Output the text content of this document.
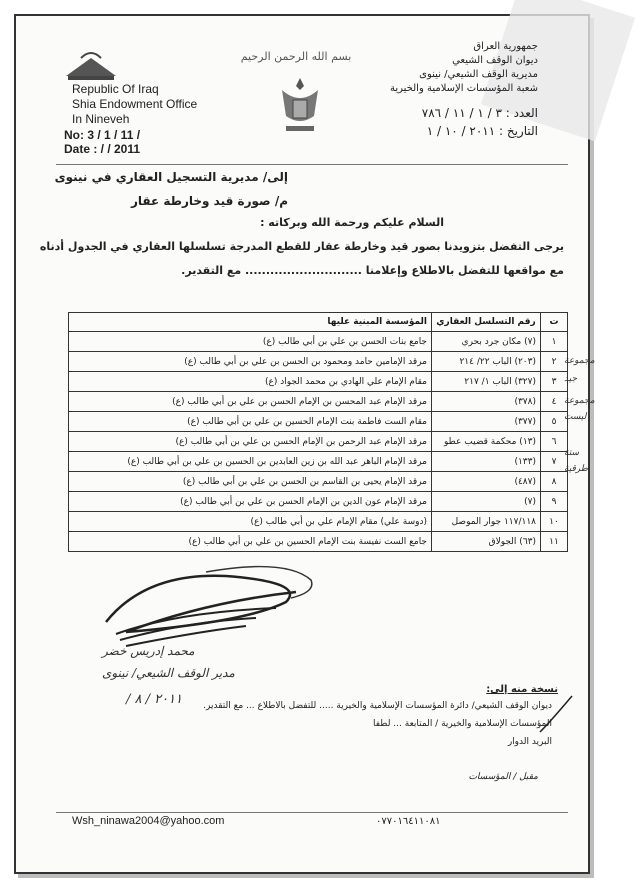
Republic Of Iraq
Shia Endowment Office
In Nineveh
No: 3 / 1 / 11 /
Date : / / 2011
بسم الله الرحمن الرحيم
جمهورية العراق
ديوان الوقف الشيعي
مديرية الوقف الشيعي/ نينوى
شعبة المؤسسات الإسلامية والخيرية
العدد : ٣ / ١ / ١١ / ٧٨٦
التاريخ : ٢٠١١ / ١٠ / ١
إلى/ مديرية التسجيل العقاري في نينوى
م/ صورة قيد وخارطة عقار
السلام عليكم ورحمة الله وبركاته :
يرجى التفضل بتزويدنا بصور قيد وخارطة عقار للقطع المدرجة تسلسلها العقاري في الجدول أدناه
مع مواقعها للتفضل بالاطلاع وإعلامنا ............................ مع التقدير.
ت	رقم التسلسل العقاري	المؤسسة المبنية عليها
١	(٧) مكان جرد بحري	جامع بنات الحسن بن علي بن أبي طالب (ع)
٢	(٢٠٣) الباب ٢٢/ ٢١٤	مرقد الإمامين حامد ومحمود بن الحسن بن علي بن أبي طالب (ع)
٣	(٣٢٧) الباب ١/ ٢١٧	مقام الإمام علي الهادي بن محمد الجواد (ع)
٤	(٣٧٨)	مرقد الإمام عبد المحسن بن الإمام الحسن بن علي بن أبي طالب (ع)
٥	(٣٧٧)	مقام الست فاطمة بنت الإمام الحسين بن علي بن أبي طالب (ع)
٦	(١٣) محكمة قضيب عطو	مرقد الإمام عبد الرحمن بن الإمام الحسن بن علي بن أبي طالب (ع)
٧	(١٣٣)	مرقد الإمام الباهر عبد الله بن زين العابدين بن الحسين بن علي بن أبي طالب (ع)
٨	(٤٨٧)	مرقد الإمام يحيى بن القاسم بن الحسن بن علي بن أبي طالب (ع)
٩	(٧)	مرقد الإمام عون الدين بن الإمام الحسن بن علي بن أبي طالب (ع)
١٠	١١٧/١١٨ جوار الموصل	(دوسة علي) مقام الإمام علي بن أبي طالب (ع)
١١	(٦٣) الجولاق	جامع الست نفيسة بنت الإمام الحسين بن علي بن أبي طالب (ع)
مجموعة
جيد
مجموعة
ليست
ستة
طرقية
محمد إدريس خضر
مدير الوقف الشيعي/ نينوى
٢٠١١ / ٨ /
نسخة منه إلى:
ديوان الوقف الشيعي/ دائرة المؤسسات الإسلامية والخيرية ..... للتفضل بالاطلاع ... مع التقدير.
المؤسسات الإسلامية والخيرية / المتابعة ... لطفا
البريد الدوار
مقبل / المؤسسات
Wsh_ninawa2004@yahoo.com	٠٧٧٠١٦٤١١٠٨١
